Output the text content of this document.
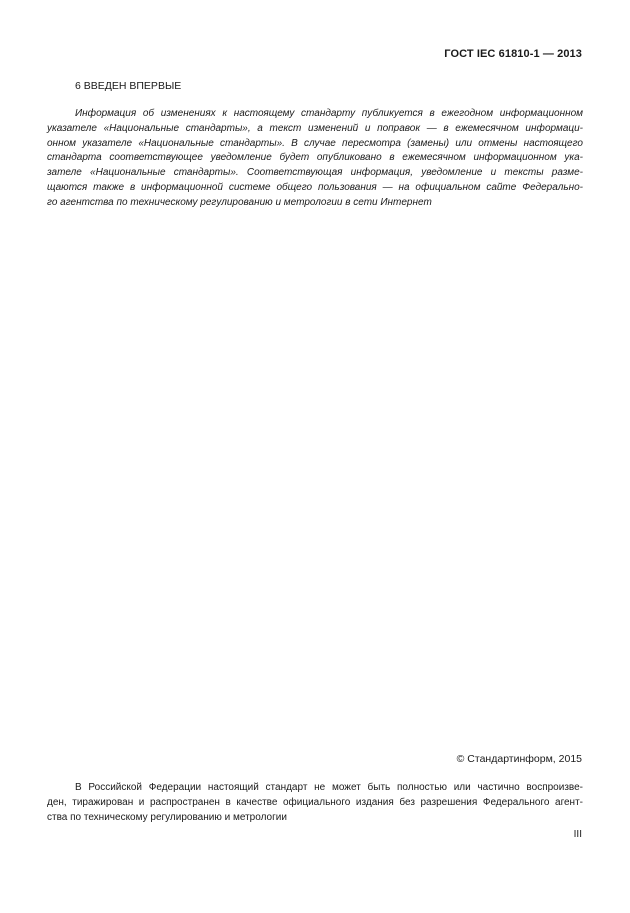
ГОСТ IEC 61810-1 — 2013
6 ВВЕДЕН ВПЕРВЫЕ

Информация об изменениях к настоящему стандарту публикуется в ежегодном информационном
указателе «Национальные стандарты», а текст изменений и поправок — в ежемесячном информаци-
онном указателе «Национальные стандарты». В случае пересмотра (замены) или отмены настоящего
стандарта соответствующее уведомление будет опубликовано в ежемесячном информационном ука-
зателе «Национальные стандарты». Соответствующая информация, уведомление и тексты разме-
щаются также в информационной системе общего пользования — на официальном сайте Федерально-
го агентства по техническому регулированию и метрологии в сети Интернет

© Стандартинформ, 2015

В Российской Федерации настоящий стандарт не может быть полностью или частично воспроизве-
ден, тиражирован и распространен в качестве официального издания без разрешения Федерального агент-
ства по техническому регулированию и метрологии

III
